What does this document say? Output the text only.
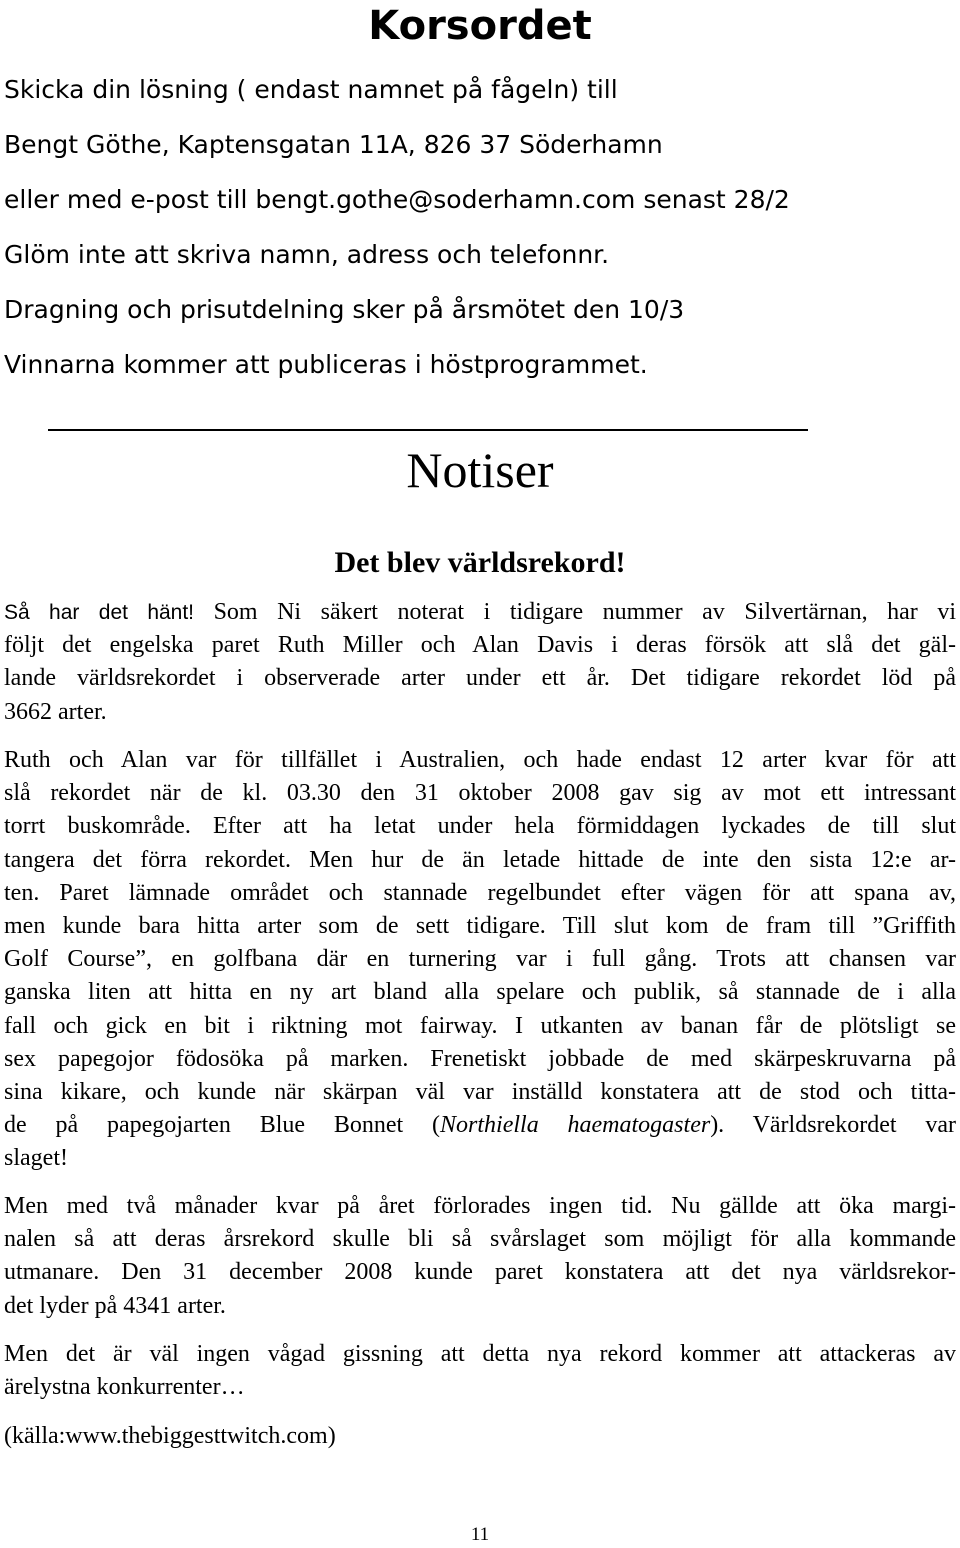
Korsordet
Skicka din lösning ( endast namnet på fågeln) till
Bengt Göthe, Kaptensgatan 11A, 826 37 Söderhamn
eller med e-post till bengt.gothe@soderhamn.com senast 28/2
Glöm inte att skriva namn, adress och telefonnr.
Dragning och prisutdelning sker på årsmötet den 10/3
Vinnarna kommer att publiceras i höstprogrammet.
Notiser
Det blev världsrekord!
Så har det hänt! Som Ni säkert noterat i tidigare nummer av Silvertärnan, har vi
följt det engelska paret Ruth Miller och Alan Davis i deras försök att slå det gäl-
lande världsrekordet i observerade arter under ett år. Det tidigare rekordet löd på
3662 arter.
Ruth och Alan var för tillfället i Australien, och hade endast 12 arter kvar för att
slå rekordet när de kl. 03.30 den 31 oktober 2008 gav sig av mot ett intressant
torrt buskområde. Efter att ha letat under hela förmiddagen lyckades de till slut
tangera det förra rekordet. Men hur de än letade hittade de inte den sista 12:e ar-
ten. Paret lämnade området och stannade regelbundet efter vägen för att spana av,
men kunde bara hitta arter som de sett tidigare. Till slut kom de fram till ”Griffith
Golf Course”, en golfbana där en turnering var i full gång. Trots att chansen var
ganska liten att hitta en ny art bland alla spelare och publik, så stannade de i alla
fall och gick en bit i riktning mot fairway. I utkanten av banan får de plötsligt se
sex papegojor födosöka på marken. Frenetiskt jobbade de med skärpeskruvarna på
sina kikare, och kunde när skärpan väl var inställd konstatera att de stod och titta-
de på papegojarten Blue Bonnet (Northiella haematogaster). Världsrekordet var
slaget!
Men med två månader kvar på året förlorades ingen tid. Nu gällde att öka margi-
nalen så att deras årsrekord skulle bli så svårslaget som möjligt för alla kommande
utmanare. Den 31 december 2008 kunde paret konstatera att det nya världsrekor-
det lyder på 4341 arter.
Men det är väl ingen vågad gissning att detta nya rekord kommer att attackeras av
ärelystna konkurrenter…
(källa:www.thebiggesttwitch.com)
11
